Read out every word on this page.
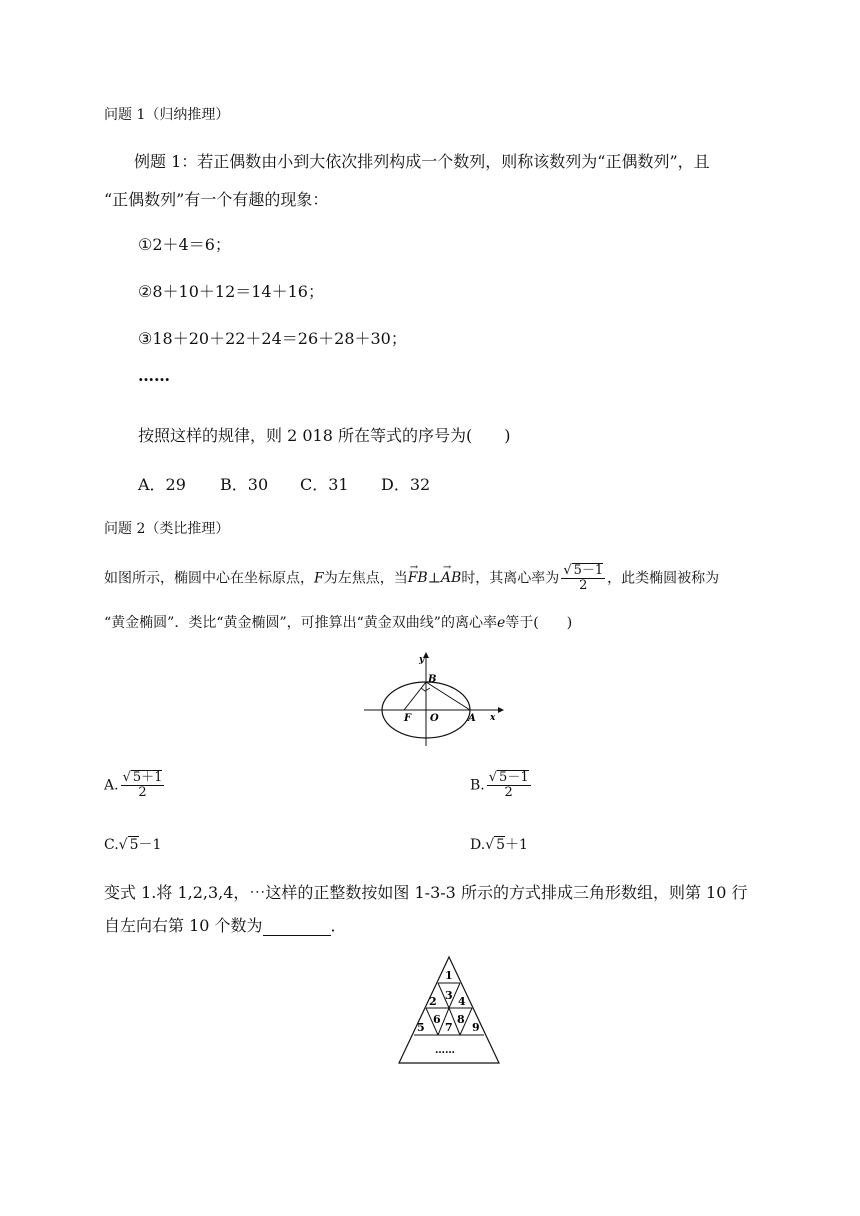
问题 1（归纳推理）
例题 1：若正偶数由小到大依次排列构成一个数列，则称该数列为“正偶数列”，且
“正偶数列”有一个有趣的现象：
①2＋4＝6；
②8＋10＋12＝14＋16；
③18＋20＋22＋24＝26＋28＋30；
……
按照这样的规律，则 2 018 所在等式的序号为(　　)
A．29 B．30 C．31 D．32
问题 2（类比推理）
如图所示，椭圆中心在坐标原点，F为左焦点，当
→
FB⊥
→
AB时，其离心率为 $\frac{√ 5-1}{2}$ ，此类椭圆被称为
“黄金椭圆”．类比“黄金椭圆”，可推算出“黄金双曲线”的离心率e等于(　　)
y
x
B
F O	A
A. $\frac{√ 5+1}{2}$	B. $\frac{√ 5-1}{2}$
C.√ 5－1	D.√ 5＋1
变式 1.将 1,2,3,4，⋯这样的正整数按如图 1-3-3 所示的方式排成三角形数组，则第 10 行
自左向右第 10 个数为	．
1
2 3 4
5
6
7
8
9
……
